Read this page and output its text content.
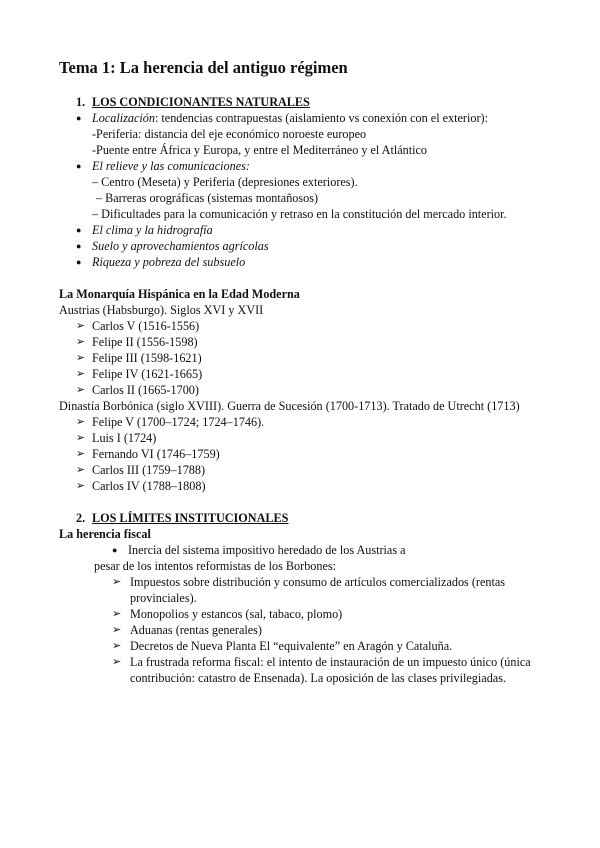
Tema 1: La herencia del antiguo régimen
1. LOS CONDICIONANTES NATURALES
● Localización: tendencias contrapuestas (aislamiento vs conexión con el exterior):
-Periferia: distancia del eje económico noroeste europeo
-Puente entre África y Europa, y entre el Mediterráneo y el Atlántico
● El relieve y las comunicaciones:
– Centro (Meseta) y Periferia (depresiones exteriores).
– Barreras orográficas (sistemas montañosos)
– Dificultades para la comunicación y retraso en la constitución del mercado interior.
● El clima y la hidrografía
● Suelo y aprovechamientos agrícolas
● Riqueza y pobreza del subsuelo
La Monarquía Hispánica en la Edad Moderna
Austrias (Habsburgo). Siglos XVI y XVII
➢ Carlos V (1516-1556)
➢ Felipe II (1556-1598)
➢ Felipe III (1598-1621)
➢ Felipe IV (1621-1665)
➢ Carlos II (1665-1700)
Dinastía Borbónica (siglo XVIII). Guerra de Sucesión (1700-1713). Tratado de Utrecht (1713)
➢ Felipe V (1700–1724; 1724–1746).
➢ Luis I (1724)
➢ Fernando VI (1746–1759)
➢ Carlos III (1759–1788)
➢ Carlos IV (1788–1808)
2. LOS LÍMITES INSTITUCIONALES
La herencia fiscal
● Inercia del sistema impositivo heredado de los Austrias a
pesar de los intentos reformistas de los Borbones:
➢ Impuestos sobre distribución y consumo de artículos comercializados (rentas
provinciales).
➢ Monopolios y estancos (sal, tabaco, plomo)
➢ Aduanas (rentas generales)
➢ Decretos de Nueva Planta El “equivalente” en Aragón y Cataluña.
➢ La frustrada reforma fiscal: el intento de instauración de un impuesto único (única
contribución: catastro de Ensenada). La oposición de las clases privilegiadas.
